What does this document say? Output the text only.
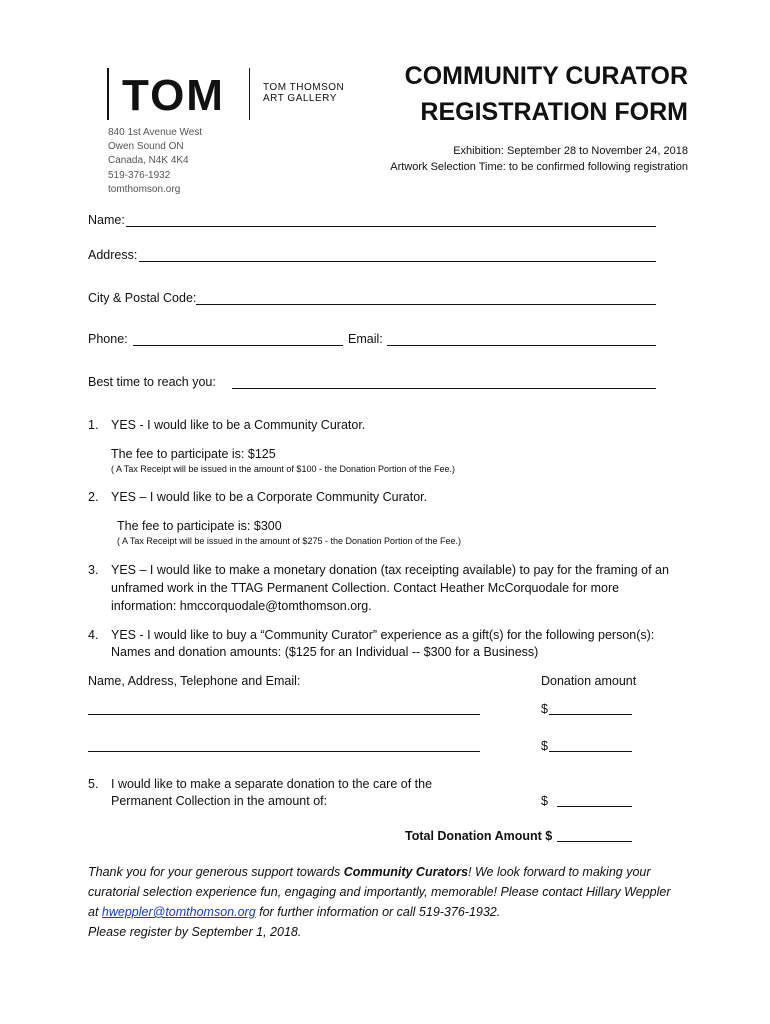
TOM	TOM THOMSON
ART GALLERY
840 1st Avenue West
Owen Sound ON
Canada, N4K 4K4
519-376-1932
tomthomson.org
COMMUNITY CURATOR
REGISTRATION FORM
Exhibition: September 28 to November 24, 2018
Artwork Selection Time: to be confirmed following registration
Name:
Address:
City & Postal Code:
Phone:	Email:
Best time to reach you:
1. YES - I would like to be a Community Curator.
The fee to participate is: $125
( A Tax Receipt will be issued in the amount of $100 - the Donation Portion of the Fee.)
2. YES – I would like to be a Corporate Community Curator.
The fee to participate is: $300
( A Tax Receipt will be issued in the amount of $275 - the Donation Portion of the Fee.)
3. YES – I would like to make a monetary donation (tax receipting available) to pay for the framing of an
unframed work in the TTAG Permanent Collection. Contact Heather McCorquodale for more
information: hmccorquodale@tomthomson.org.
4. YES - I would like to buy a “Community Curator” experience as a gift(s) for the following person(s):
Names and donation amounts: ($125 for an Individual -- $300 for a Business)
Name, Address, Telephone and Email:	Donation amount
$
$
5. I would like to make a separate donation to the care of the
Permanent Collection in the amount of:	$
Total Donation Amount $
Thank you for your generous support towards Community Curators! We look forward to making your
curatorial selection experience fun, engaging and importantly, memorable! Please contact Hillary Weppler
at hweppler@tomthomson.org for further information or call 519-376-1932.
Please register by September 1, 2018.
